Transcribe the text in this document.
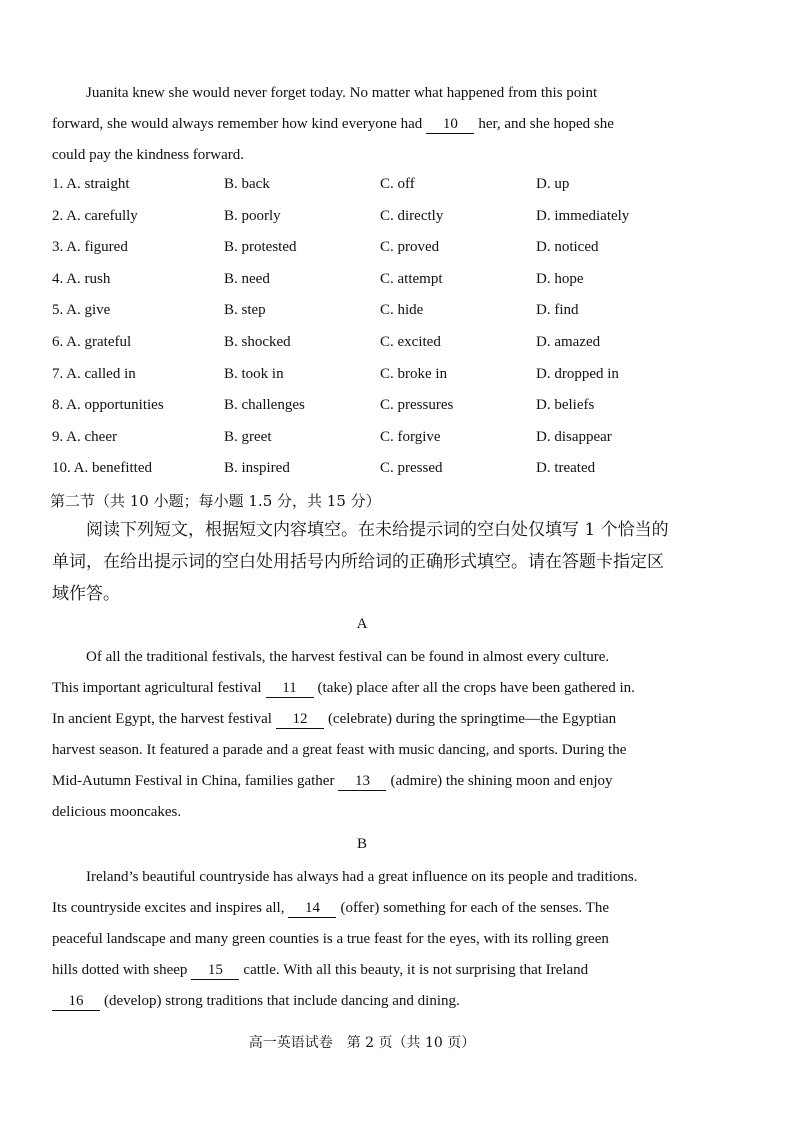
Juanita knew she would never forget today. No matter what happened from this point
forward, she would always remember how kind everyone had 10 her, and she hoped she
could pay the kindness forward.
1. A. straight	B. back	C. off	D. up
2. A. carefully	B. poorly	C. directly	D. immediately
3. A. figured	B. protested	C. proved	D. noticed
4. A. rush	B. need	C. attempt	D. hope
5. A. give	B. step	C. hide	D. find
6. A. grateful	B. shocked	C. excited	D. amazed
7. A. called in	B. took in	C. broke in	D. dropped in
8. A. opportunities	B. challenges	C. pressures	D. beliefs
9. A. cheer	B. greet	C. forgive	D. disappear
10. A. benefitted	B. inspired	C. pressed	D. treated
第二节（共 10 小题；每小题 1.5 分，共 15 分）
阅读下列短文，根据短文内容填空。在未给提示词的空白处仅填写 1 个恰当的
单词，在给出提示词的空白处用括号内所给词的正确形式填空。请在答题卡指定区
域作答。
A
Of all the traditional festivals, the harvest festival can be found in almost every culture.
This important agricultural festival 11 (take) place after all the crops have been gathered in.
In ancient Egypt, the harvest festival 12 (celebrate) during the springtime—the Egyptian
harvest season. It featured a parade and a great feast with music dancing, and sports. During the
Mid-Autumn Festival in China, families gather 13 (admire) the shining moon and enjoy
delicious mooncakes.
B
Ireland’s beautiful countryside has always had a great influence on its people and traditions.
Its countryside excites and inspires all, 14 (offer) something for each of the senses. The
peaceful landscape and many green counties is a true feast for the eyes, with its rolling green
hills dotted with sheep 15 cattle. With all this beauty, it is not surprising that Ireland
16 (develop) strong traditions that include dancing and dining.
高一英语试卷　第 2 页（共 10 页）
